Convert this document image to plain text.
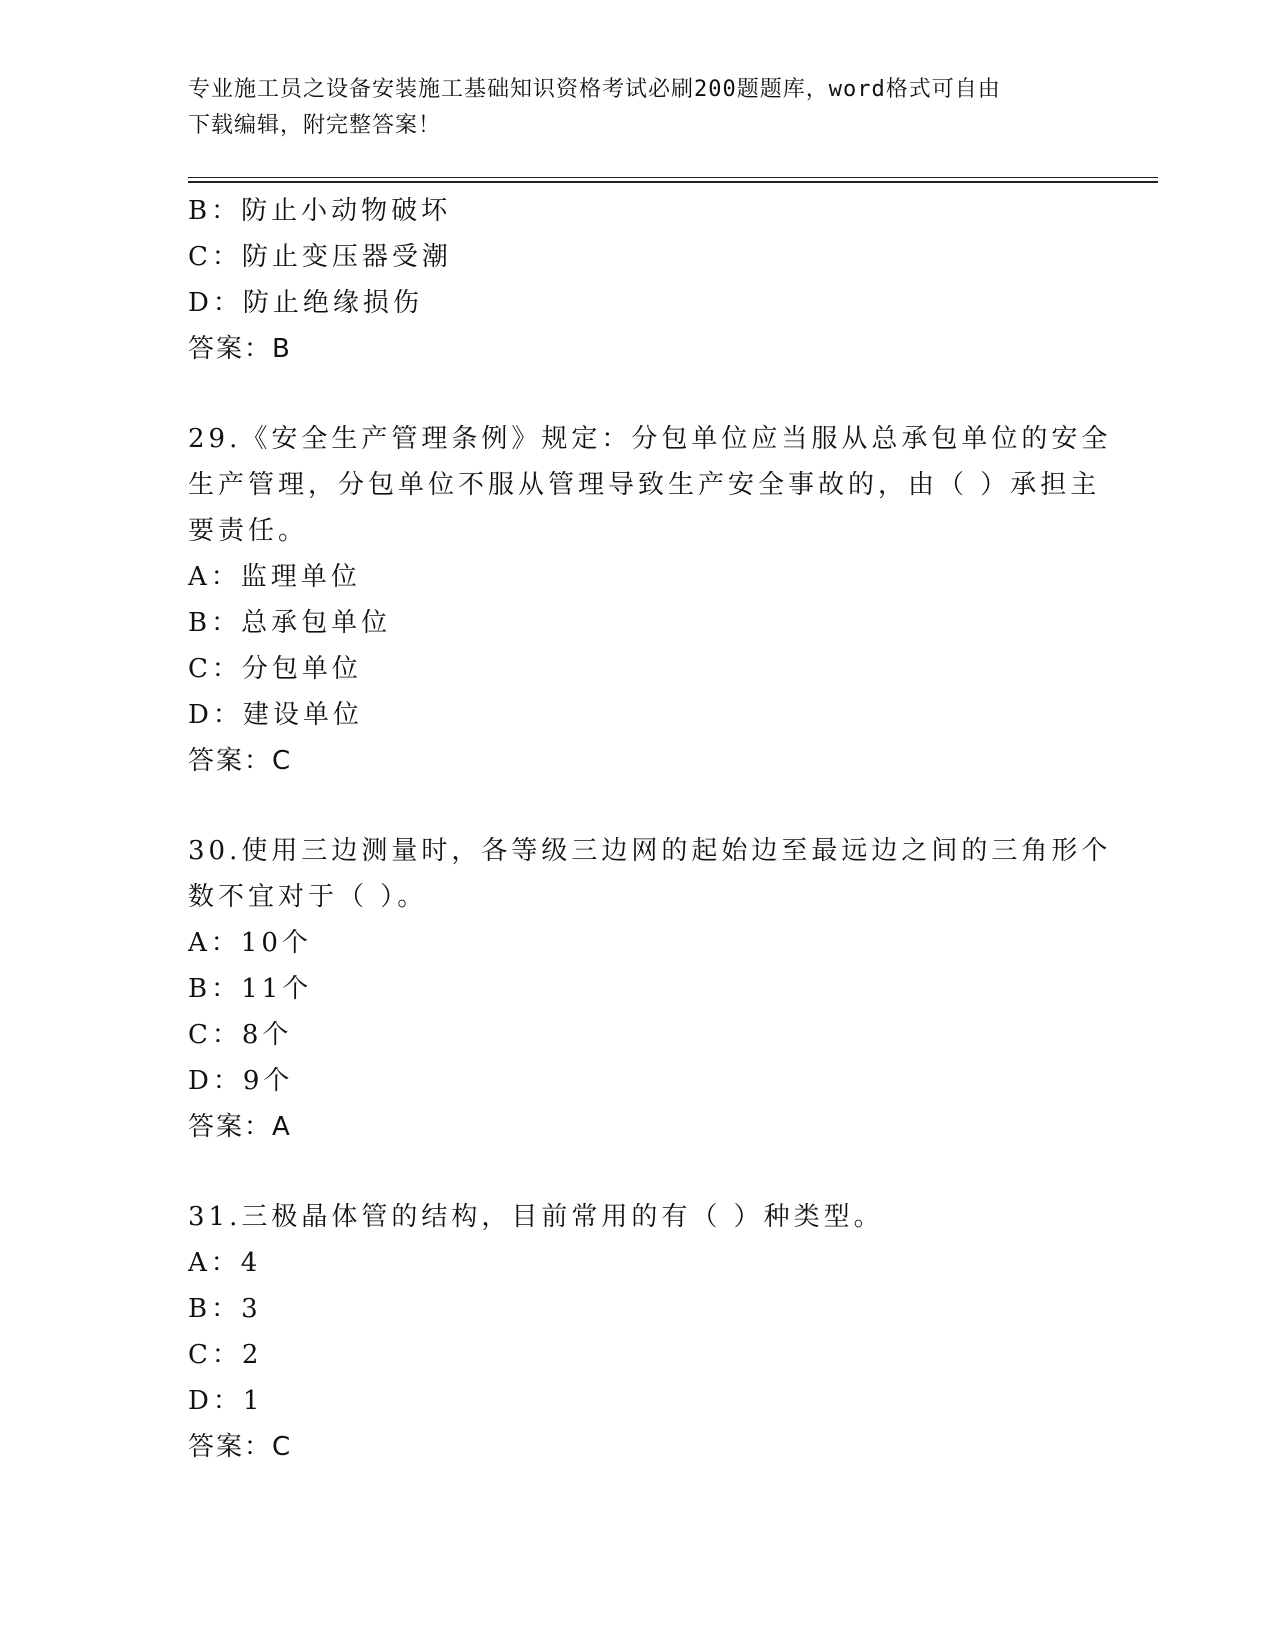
专业施工员之设备安装施工基础知识资格考试必刷200题题库，word格式可自由
下载编辑，附完整答案！
B：防止小动物破坏
C：防止变压器受潮
D：防止绝缘损伤
答案：B
29.《安全生产管理条例》规定：分包单位应当服从总承包单位的安全
生产管理，分包单位不服从管理导致生产安全事故的，由（ ）承担主
要责任。
A：监理单位
B：总承包单位
C：分包单位
D：建设单位
答案：C
30.使用三边测量时，各等级三边网的起始边至最远边之间的三角形个
数不宜对于（ ）。
A：10个
B：11个
C：8个
D：9个
答案：A
31.三极晶体管的结构，目前常用的有（ ）种类型。
A：4
B：3
C：2
D：1
答案：C
